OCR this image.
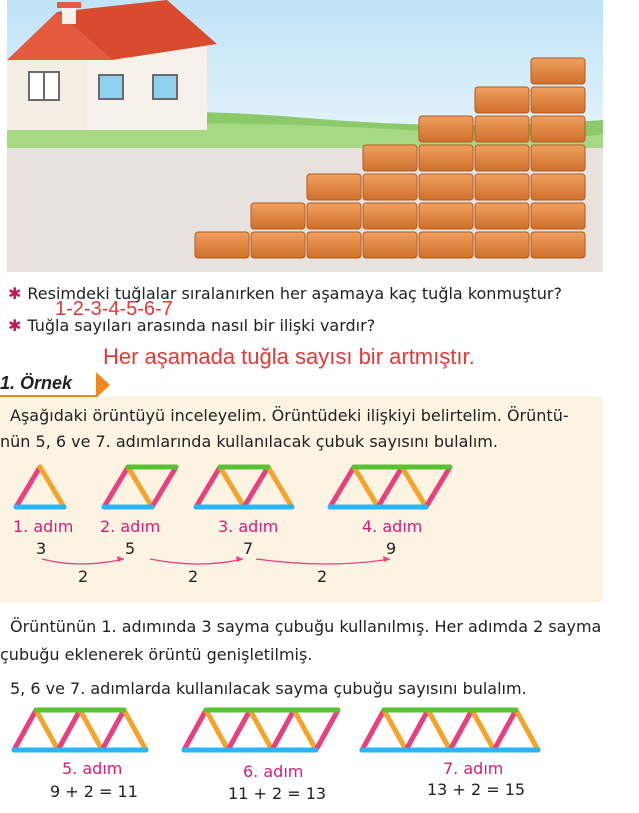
✱ Resimdeki tuğlalar sıralanırken her aşamaya kaç tuğla konmuştur?
1-2-3-4-5-6-7
✱ Tuğla sayıları arasında nasıl bir ilişki vardır?
Her aşamada tuğla sayısı bir artmıştır.
1. Örnek
Aşağıdaki örüntüyü inceleyelim. Örüntüdeki ilişkiyi belirtelim. Örüntü-
nün 5, 6 ve 7. adımlarında kullanılacak çubuk sayısını bulalım.
1. adım 2. adım	3. adım	4. adım
3	5	7	9
2	2	2
Örüntünün 1. adımında 3 sayma çubuğu kullanılmış. Her adımda 2 sayma
çubuğu eklenerek örüntü genişletilmiş.
5, 6 ve 7. adımlarda kullanılacak sayma çubuğu sayısını bulalım.
5. adım	6. adım	7. adım
9 + 2 = 11	11 + 2 = 13	13 + 2 = 15
